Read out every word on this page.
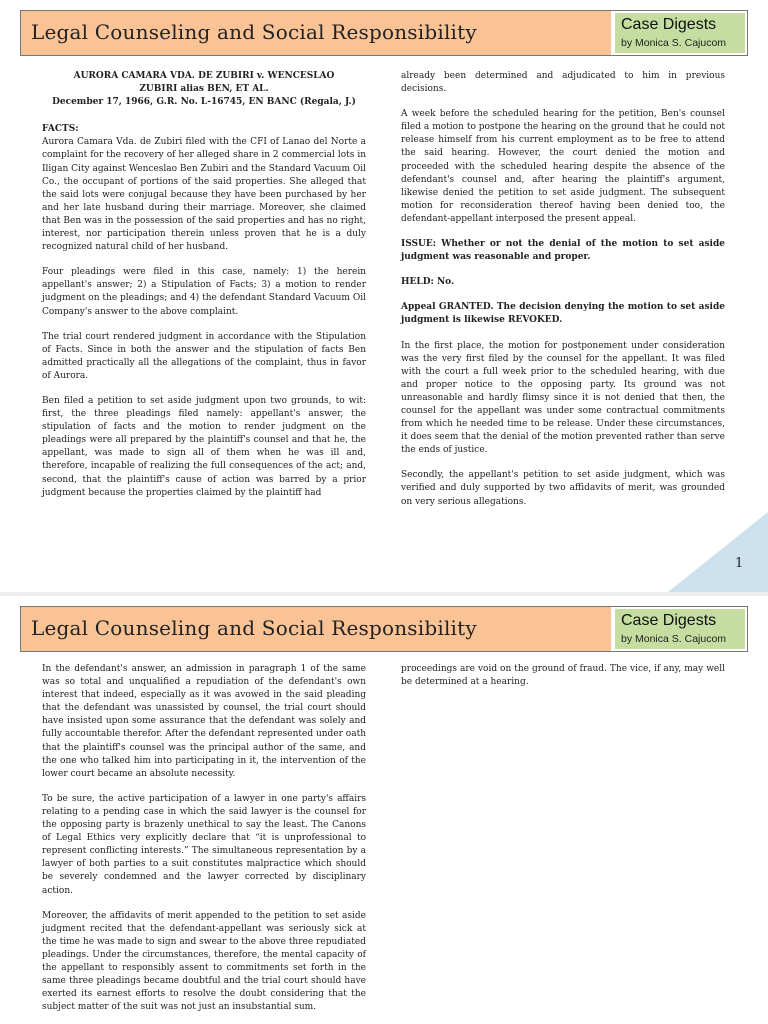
Legal Counseling and Social Responsibility	Case Digests
by Monica S. Cajucom
AURORA CAMARA VDA. DE ZUBIRI v. WENCESLAO
ZUBIRI alias BEN, ET AL.
December 17, 1966, G.R. No. L-16745, EN BANC (Regala, J.)
FACTS:

Aurora Camara Vda. de Zubiri filed with the CFI of Lanao del Norte a complaint for the recovery of her alleged share in 2 commercial lots in Iligan City against Wenceslao Ben Zubiri and the Standard Vacuum Oil Co., the occupant of portions of the said properties. She alleged that the said lots were conjugal because they have been purchased by her and her late husband during their marriage. Moreover, she claimed that Ben was in the possession of the said properties and has no right, interest, nor participation therein unless proven that he is a duly recognized natural child of her husband.

Four pleadings were filed in this case, namely: 1) the herein appellant's answer; 2) a Stipulation of Facts; 3) a motion to render judgment on the pleadings; and 4) the defendant Standard Vacuum Oil Company's answer to the above complaint.

The trial court rendered judgment in accordance with the Stipulation of Facts. Since in both the answer and the stipulation of facts Ben admitted practically all the allegations of the complaint, thus in favor of Aurora.

Ben filed a petition to set aside judgment upon two grounds, to wit: first, the three pleadings filed namely: appellant's answer, the stipulation of facts and the motion to render judgment on the pleadings were all prepared by the plaintiff's counsel and that he, the appellant, was made to sign all of them when he was ill and, therefore, incapable of realizing the full consequences of the act; and, second, that the plaintiff's cause of action was barred by a prior judgment because the properties claimed by the plaintiff had

already been determined and adjudicated to him in previous decisions.

A week before the scheduled hearing for the petition, Ben's counsel filed a motion to postpone the hearing on the ground that he could not release himself from his current employment as to be free to attend the said hearing. However, the court denied the motion and proceeded with the scheduled hearing despite the absence of the defendant's counsel and, after hearing the plaintiff's argument, likewise denied the petition to set aside judgment. The subsequent motion for reconsideration thereof having been denied too, the defendant-appellant interposed the present appeal.

ISSUE: Whether or not the denial of the motion to set aside judgment was reasonable and proper.

HELD: No.

Appeal GRANTED. The decision denying the motion to set aside judgment is likewise REVOKED.

In the first place, the motion for postponement under consideration was the very first filed by the counsel for the appellant. It was filed with the court a full week prior to the scheduled hearing, with due and proper notice to the opposing party. Its ground was not unreasonable and hardly flimsy since it is not denied that then, the counsel for the appellant was under some contractual commitments from which he needed time to be release. Under these circumstances, it does seem that the denial of the motion prevented rather than serve the ends of justice.

Secondly, the appellant's petition to set aside judgment, which was verified and duly supported by two affidavits of merit, was grounded on very serious allegations.

1
Legal Counseling and Social Responsibility	Case Digests
by Monica S. Cajucom

In the defendant's answer, an admission in paragraph 1 of the same was so total and unqualified a repudiation of the defendant's own interest that indeed, especially as it was avowed in the said pleading that the defendant was unassisted by counsel, the trial court should have insisted upon some assurance that the defendant was solely and fully accountable therefor. After the defendant represented under oath that the plaintiff's counsel was the principal author of the same, and the one who talked him into participating in it, the intervention of the lower court became an absolute necessity.

To be sure, the active participation of a lawyer in one party's affairs relating to a pending case in which the said lawyer is the counsel for the opposing party is brazenly unethical to say the least. The Canons of Legal Ethics very explicitly declare that “it is unprofessional to represent conflicting interests.” The simultaneous representation by a lawyer of both parties to a suit constitutes malpractice which should be severely condemned and the lawyer corrected by disciplinary action.

Moreover, the affidavits of merit appended to the petition to set aside judgment recited that the defendant-appellant was seriously sick at the time he was made to sign and swear to the above three repudiated pleadings. Under the circumstances, therefore, the mental capacity of the appellant to responsibly assent to commitments set forth in the same three pleadings became doubtful and the trial court should have exerted its earnest efforts to resolve the doubt considering that the subject matter of the suit was not just an insubstantial sum.

proceedings are void on the ground of fraud. The vice, if any, may well be determined at a hearing.
